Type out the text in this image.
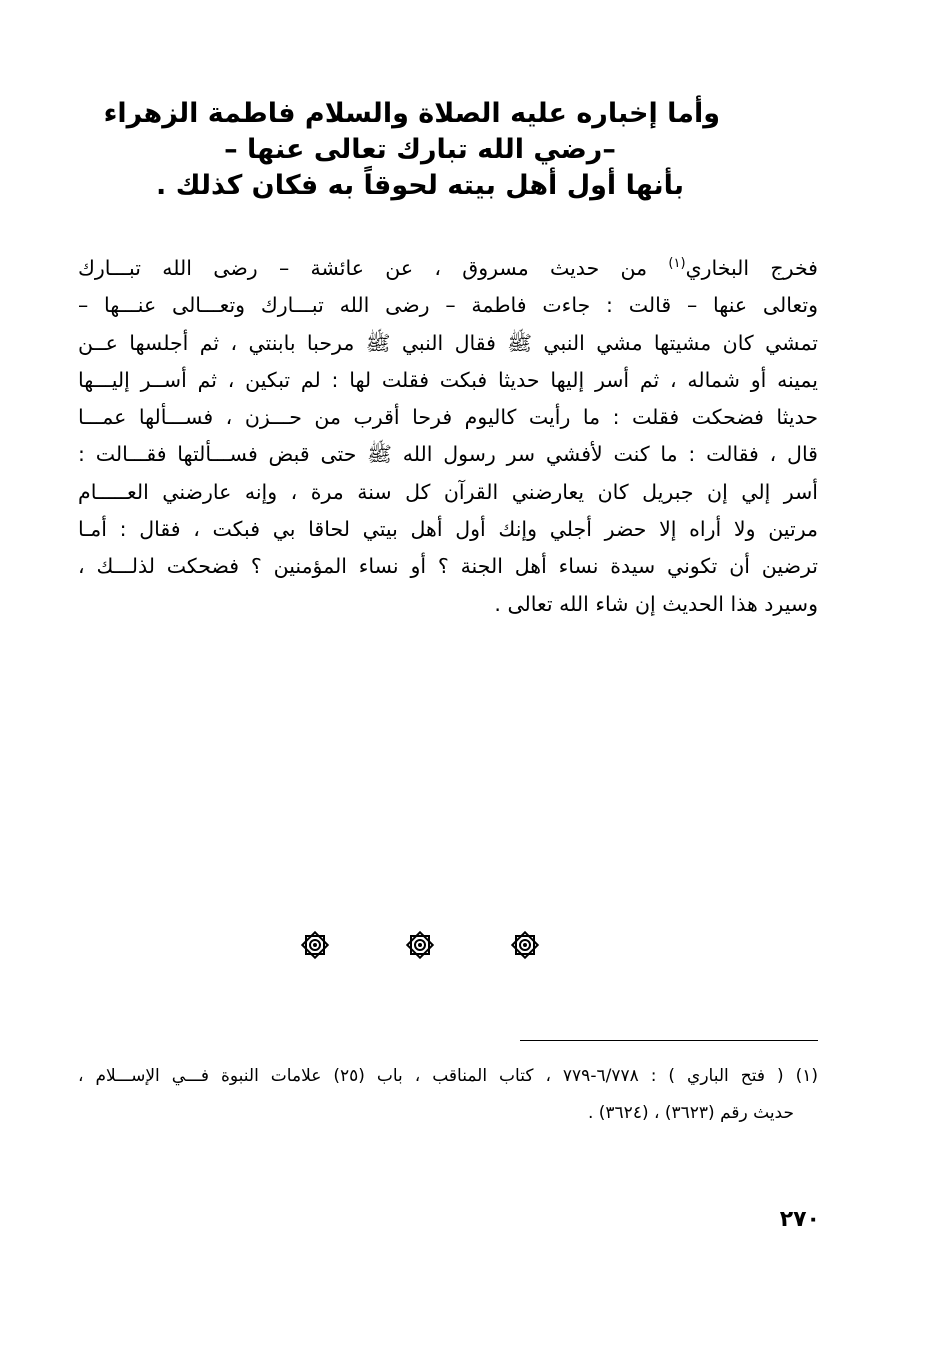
وأما إخباره عليه الصلاة والسلام فاطمة الزهراء
–رضي الله تبارك تعالى عنها –
بأنها أول أهل بيته لحوقاً به فكان كذلك .
فخرج البخاري$^{(١)}$ من حديث مسروق ، عن عائشة – رضى الله تبـــارك
وتعالى عنها – قالت : جاءت فاطمة – رضى الله تبـــارك وتعـــالى عنـــها –
تمشي كان مشيتها مشي النبي ﷺ فقال النبي ﷺ مرحبا بابنتي ، ثم أجلسها عــن
يمينه أو شماله ، ثم أسر إليها حديثا فبكت فقلت لها : لم تبكين ، ثم أســر إليـــها
حديثا فضحكت فقلت : ما رأيت كاليوم فرحا أقرب من حـــزن ، فســـألها عمـــا
قال ، فقالت : ما كنت لأفشي سر رسول الله ﷺ حتى قبض فســـألتها فقـــالت :
أسر إلي إن جبريل كان يعارضني القرآن كل سنة مرة ، وإنه عارضني العـــــام
مرتين ولا أراه إلا حضر أجلي وإنك أول أهل بيتي لحاقا بي فبكت ، فقال : أمـا
ترضين أن تكوني سيدة نساء أهل الجنة ؟ أو نساء المؤمنين ؟ فضحكت لذلـــك ،
وسيرد هذا الحديث إن شاء الله تعالى .
(١) ( فتح الباري ) : ٦/٧٧٨-٧٧٩ ، كتاب المناقب ، باب (٢٥) علامات النبوة فـــي الإســـلام ،
حديث رقم (٣٦٢٣) ، (٣٦٢٤) .
٢٧٠
